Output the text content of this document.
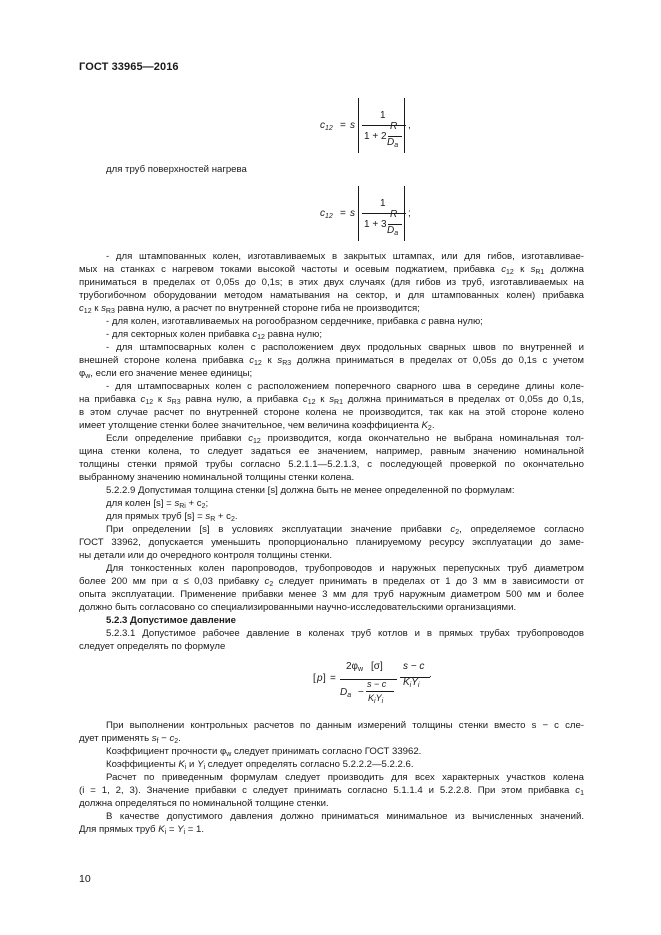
ГОСТ 33965—2016
$c_{12} = s$
1
1 + 2
R
$D_a$
,
для труб поверхностей нагрева
$c_{12} = s$
1
1 + 3
R
$D_a$
;
- для штампованных колен, изготавливаемых в закрытых штампах, или для гибов, изготавливае-
мых на станках с нагревом токами высокой частоты и осевым поджатием, прибавка $c_{12}$ к $s_{R1}$ должна
приниматься в пределах от 0,05s до 0,1s; в этих двух случаях (для гибов из труб, изготавливаемых на
трубогибочном оборудовании методом наматывания на сектор, и для штампованных колен) прибавка
$c_{12}$ к $s_{R3}$ равна нулю, а расчет по внутренней стороне гиба не производится;
- для колен, изготавливаемых на рогообразном сердечнике, прибавка c равна нулю;
- для секторных колен прибавка $c_{12}$ равна нулю;
- для штампосварных колен с расположением двух продольных сварных швов по внутренней и
внешней стороне колена прибавка $c_{12}$ к $s_{R3}$ должна приниматься в пределах от 0,05s до 0,1s с учетом
$\varphi_w$, если его значение менее единицы;
- для штампосварных колен с расположением поперечного сварного шва в середине длины коле-
на прибавка $c_{12}$ к $s_{R3}$ равна нулю, а прибавка $c_{12}$ к $s_{R1}$ должна приниматься в пределах от 0,05s до 0,1s,
в этом случае расчет по внутренней стороне колена не производится, так как на этой стороне колено
имеет утолщение стенки более значительное, чем величина коэффициента $K_2$.
Если определение прибавки $c_{12}$ производится, когда окончательно не выбрана номинальная тол-
щина стенки колена, то следует задаться ее значением, например, равным значению номинальной
толщины стенки прямой трубы согласно 5.2.1.1—5.2.1.3, с последующей проверкой по окончательно
выбранному значению номинальной толщины стенки колена.
5.2.2.9 Допустимая толщина стенки [s] должна быть не менее определенной по формулам:
для колен $[s] = s_{Ri} + c_2$;
для прямых труб $[s] = s_R + c_2$.
При определении [s] в условиях эксплуатации значение прибавки $c_2$, определяемое согласно
ГОСТ 33962, допускается уменьшить пропорционально планируемому ресурсу эксплуатации до заме-
ны детали или до очередного контроля толщины стенки.
Для тонкостенных колен паропроводов, трубопроводов и наружных перепускных труб диаметром
более 200 мм при α ≤ 0,03 прибавку $c_2$ следует принимать в пределах от 1 до 3 мм в зависимости от
опыта эксплуатации. Применение прибавки менее 3 мм для труб наружным диаметром 500 мм и более
должно быть согласовано со специализированными научно-исследовательскими организациями.
5.2.3 Допустимое давление
5.2.3.1 Допустимое рабочее давление в коленах труб котлов и в прямых трубах трубопроводов
следует определять по формуле
[ p ] =
$2\varphi_w$ [σ]
$D_a$ −
s − c
$K_iY_i$
s − c
$K_iY_i$
.
При выполнении контрольных расчетов по данным измерений толщины стенки вместо s − c сле-
дует применять $s_f - c_2$.
Коэффициент прочности $\varphi_w$ следует принимать согласно ГОСТ 33962.
Коэффициенты $K_i$ и $Y_i$ следует определять согласно 5.2.2.2—5.2.2.6.
Расчет по приведенным формулам следует производить для всех характерных участков колена
(i = 1, 2, 3). Значение прибавки c следует принимать согласно 5.1.1.4 и 5.2.2.8. При этом прибавка $c_1$
должна определяться по номинальной толщине стенки.
В качестве допустимого давления должно приниматься минимальное из вычисленных значений.
Для прямых труб $K_i = Y_i = 1$.
10
